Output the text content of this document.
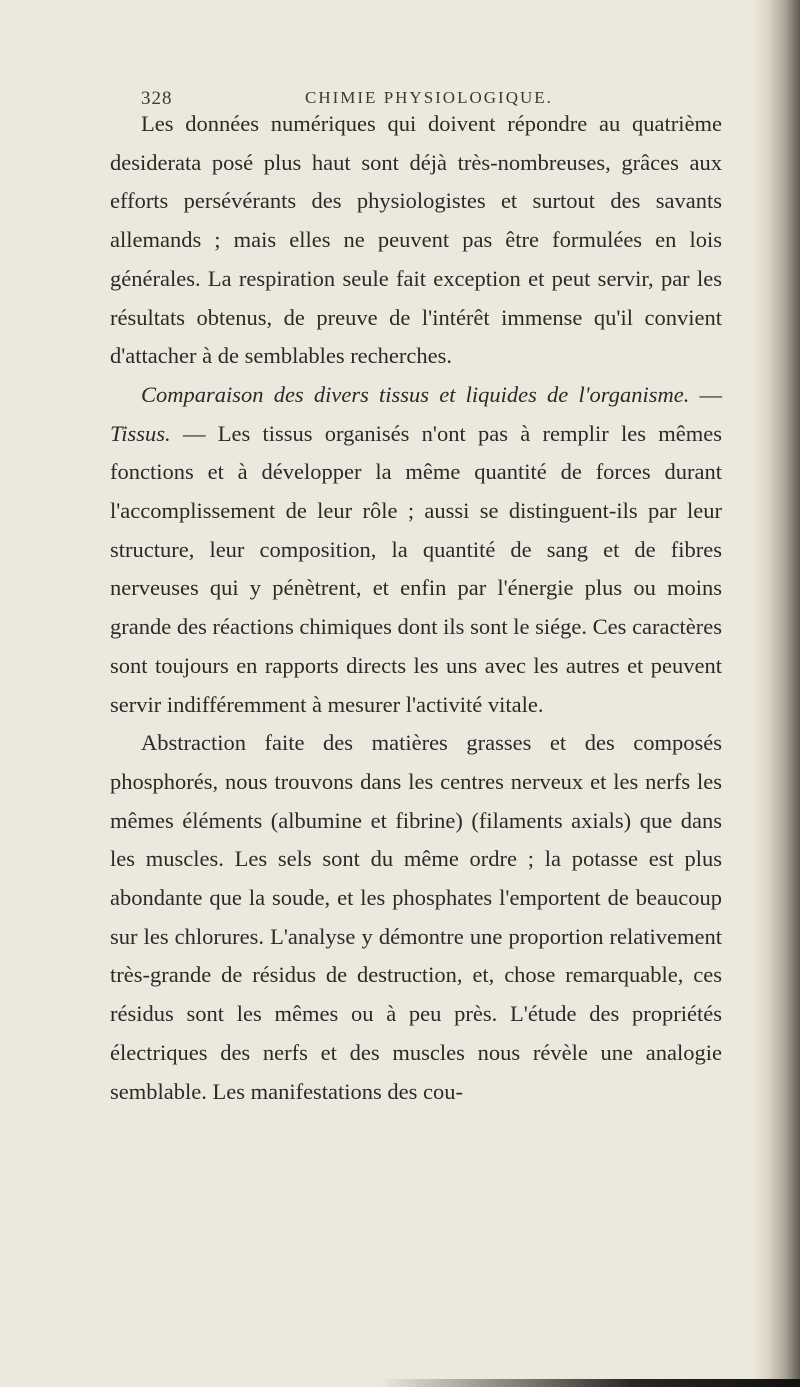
328	CHIMIE PHYSIOLOGIQUE.

Les données numériques qui doivent répondre au quatrième desiderata posé plus haut sont déjà très-nombreuses, grâces aux efforts persévérants des physiologistes et surtout des savants allemands ; mais elles ne peuvent pas être formulées en lois générales. La respiration seule fait exception et peut servir, par les résultats obtenus, de preuve de l'intérêt immense qu'il convient d'attacher à de semblables recherches.

Comparaison des divers tissus et liquides de l'organisme. — Tissus. — Les tissus organisés n'ont pas à remplir les mêmes fonctions et à développer la même quantité de forces durant l'accomplissement de leur rôle ; aussi se distinguent-ils par leur structure, leur composition, la quantité de sang et de fibres nerveuses qui y pénètrent, et enfin par l'énergie plus ou moins grande des réactions chimiques dont ils sont le siége. Ces caractères sont toujours en rapports directs les uns avec les autres et peuvent servir indifféremment à mesurer l'activité vitale.

Abstraction faite des matières grasses et des composés phosphorés, nous trouvons dans les centres nerveux et les nerfs les mêmes éléments (albumine et fibrine) (filaments axials) que dans les muscles. Les sels sont du même ordre ; la potasse est plus abondante que la soude, et les phosphates l'emportent de beaucoup sur les chlorures. L'analyse y démontre une proportion relativement très-grande de résidus de destruction, et, chose remarquable, ces résidus sont les mêmes ou à peu près. L'étude des propriétés électriques des nerfs et des muscles nous révèle une analogie semblable. Les manifestations des cou-
